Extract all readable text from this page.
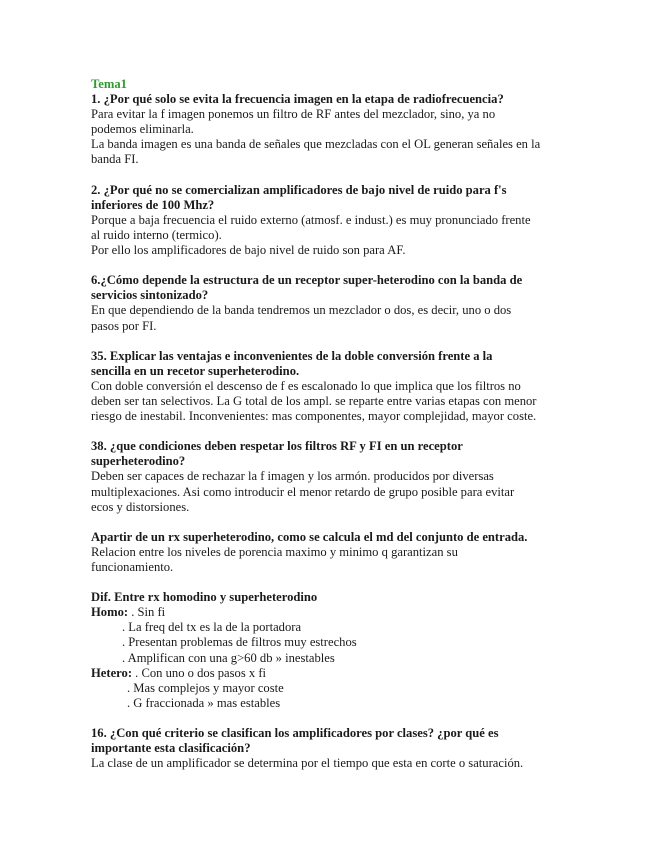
Tema1
1. ¿Por qué solo se evita la frecuencia imagen en la etapa de radiofrecuencia?
Para evitar la f imagen ponemos un filtro de RF antes del mezclador, sino, ya no
podemos eliminarla.
La banda imagen es una banda de señales que mezcladas con el OL generan señales en la
banda FI.
2. ¿Por qué no se comercializan amplificadores de bajo nivel de ruido para f's
inferiores de 100 Mhz?
Porque a baja frecuencia el ruido externo (atmosf. e indust.) es muy pronunciado frente
al ruido interno (termico).
Por ello los amplificadores de bajo nivel de ruido son para AF.
6.¿Cómo depende la estructura de un receptor super-heterodino con la banda de
servicios sintonizado?
En que dependiendo de la banda tendremos un mezclador o dos, es decir, uno o dos
pasos por FI.
35. Explicar las ventajas e inconvenientes de la doble conversión frente a la
sencilla en un recetor superheterodino.
Con doble conversión el descenso de f es escalonado lo que implica que los filtros no
deben ser tan selectivos. La G total de los ampl. se reparte entre varias etapas con menor
riesgo de inestabil. Inconvenientes: mas componentes, mayor complejidad, mayor coste.
38. ¿que condiciones deben respetar los filtros RF y FI en un receptor
superheterodino?
Deben ser capaces de rechazar la f imagen y los armón. producidos por diversas
multiplexaciones. Asi como introducir el menor retardo de grupo posible para evitar
ecos y distorsiones.
Apartir de un rx superheterodino, como se calcula el md del conjunto de entrada.
Relacion entre los niveles de porencia maximo y minimo q garantizan su
funcionamiento.
Dif. Entre rx homodino y superheterodino
Homo: . Sin fi
. La freq del tx es la de la portadora
. Presentan problemas de filtros muy estrechos
. Amplifican con una g>60 db » inestables
Hetero: . Con uno o dos pasos x fi
. Mas complejos y mayor coste
. G fraccionada » mas estables
16. ¿Con qué criterio se clasifican los amplificadores por clases? ¿por qué es
importante esta clasificación?
La clase de un amplificador se determina por el tiempo que esta en corte o saturación.
